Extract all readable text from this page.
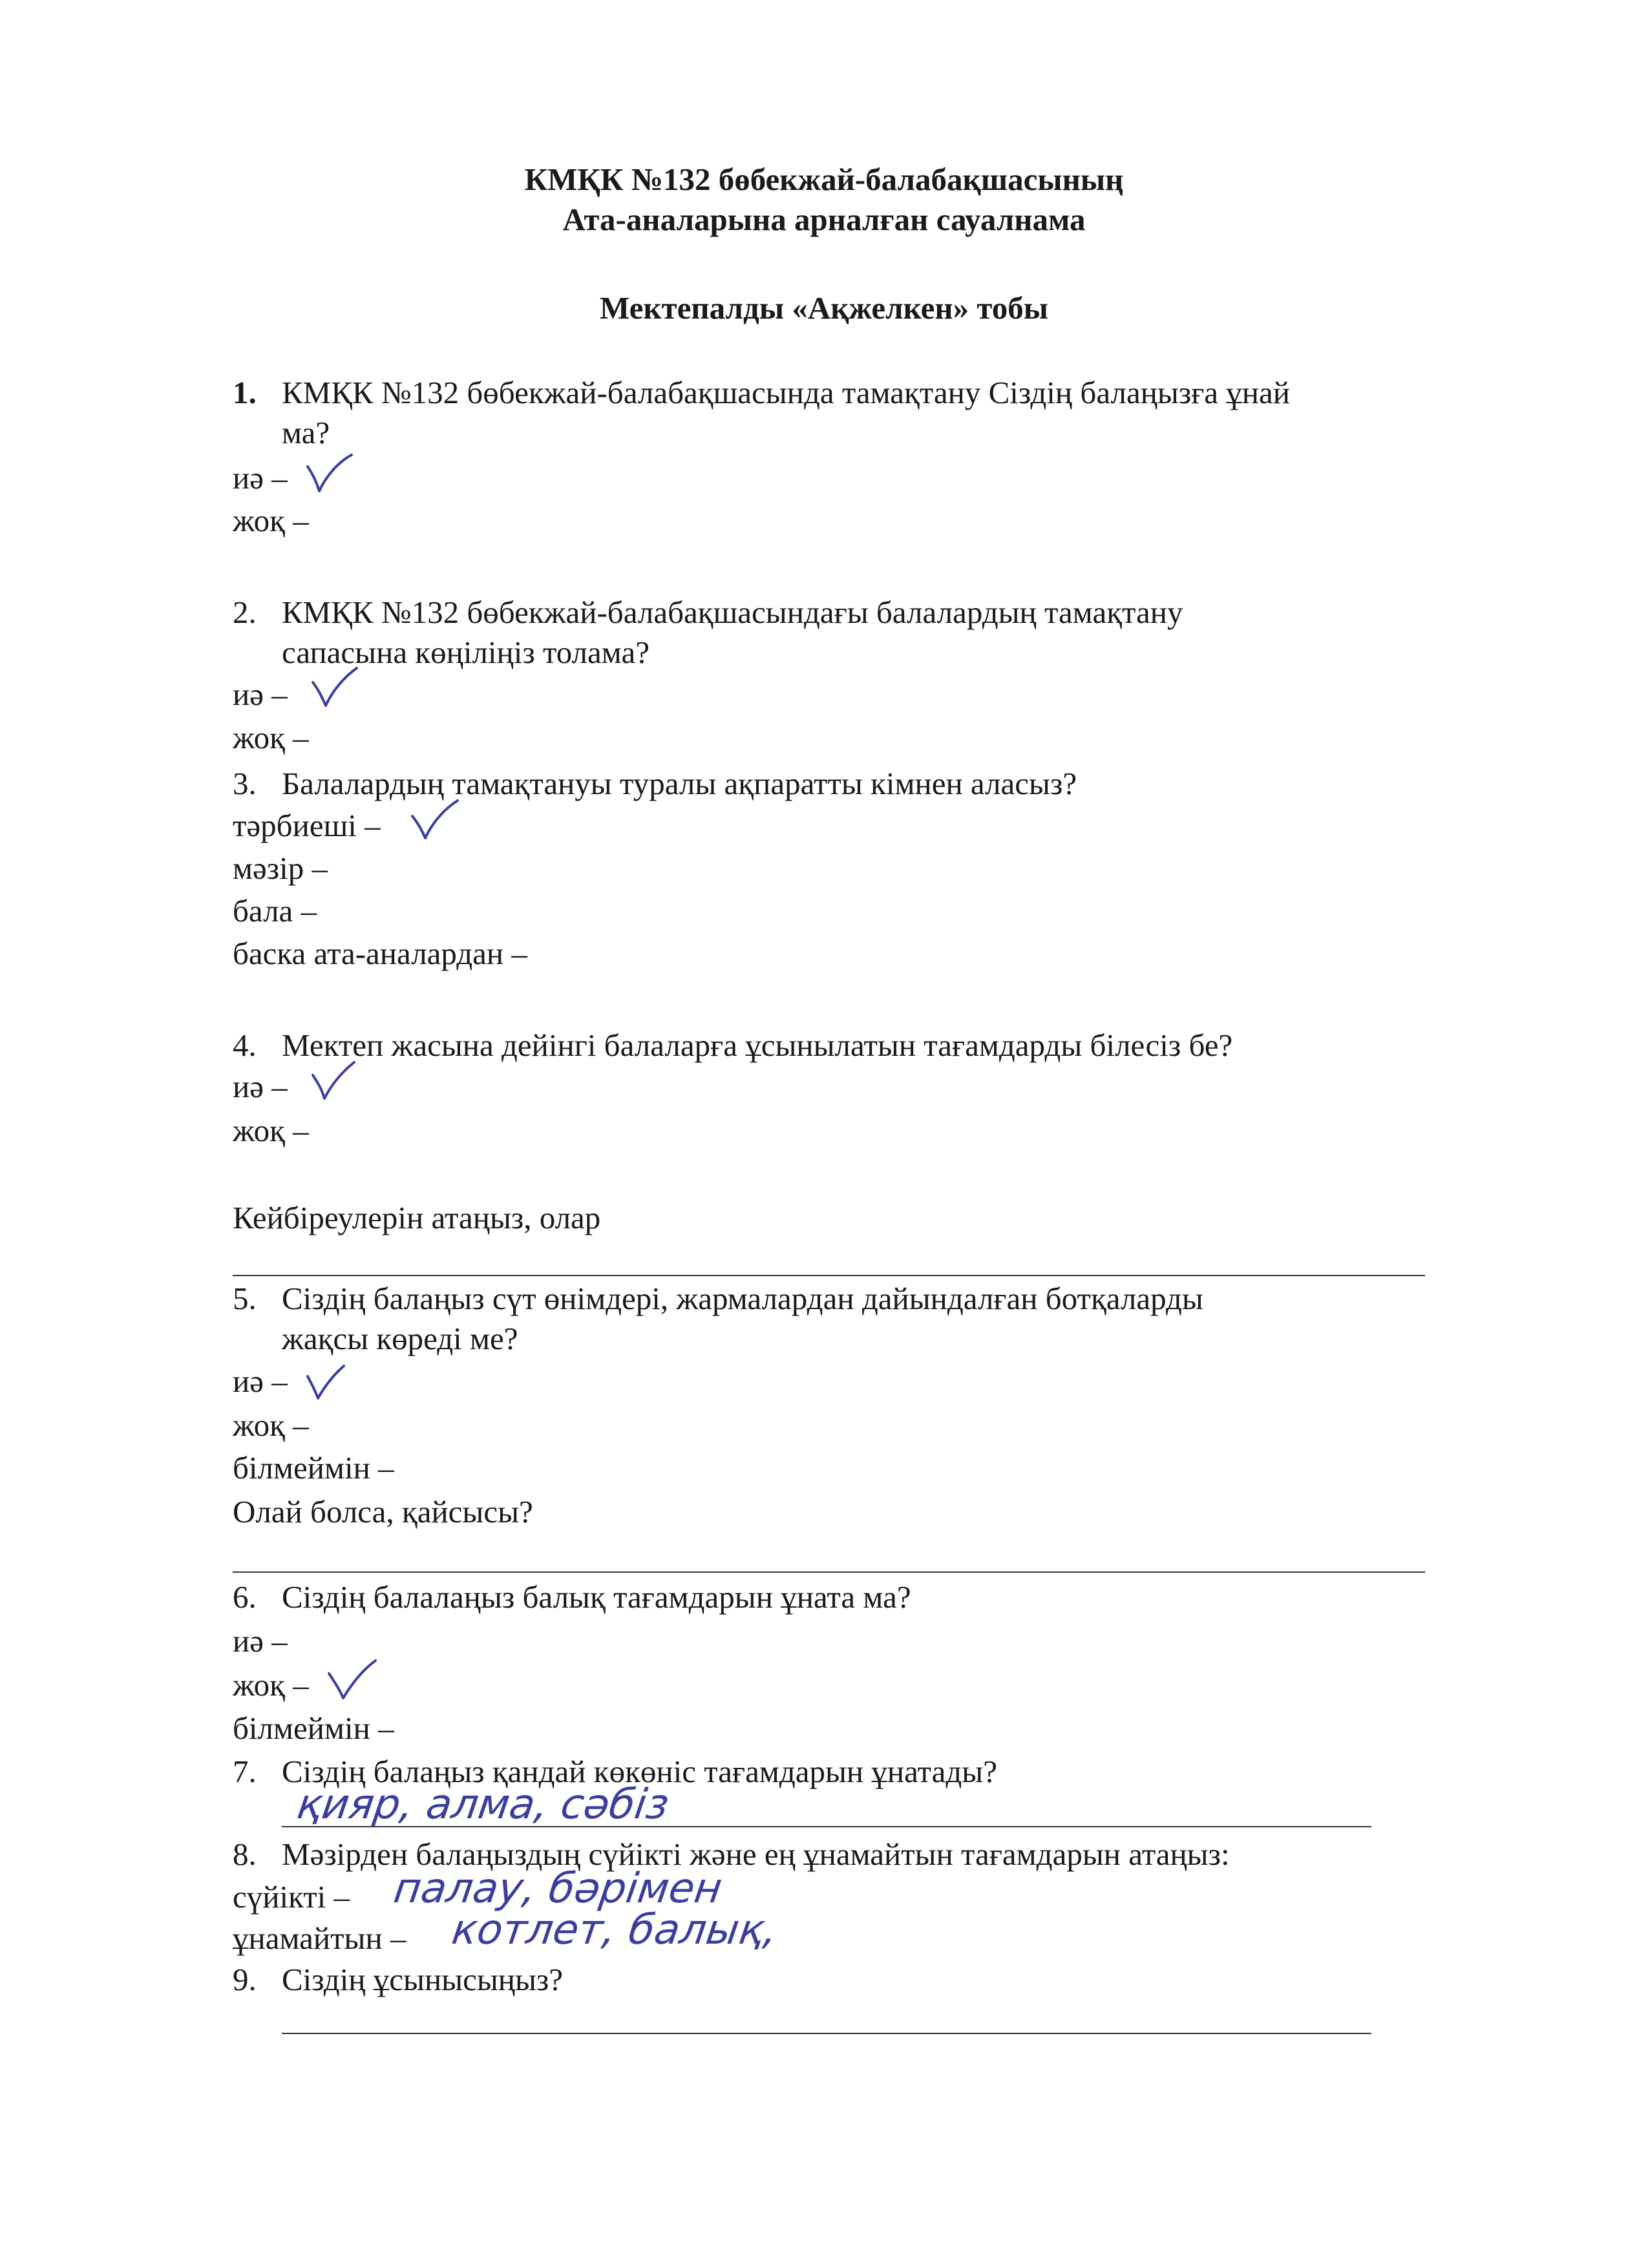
КМҚК №132 бөбекжай-балабақшасының
Ата-аналарына арналған сауалнама
Мектепалды «Ақжелкен» тобы
1. КМҚК №132 бөбекжай-балабақшасында тамақтану Сіздің балаңызға ұнай
ма?
иә –
жоқ –
2. КМҚК №132 бөбекжай-балабақшасындағы балалардың тамақтану
сапасына көңіліңіз толама?
иә –
жоқ –
3. Балалардың тамақтануы туралы ақпаратты кімнен аласыз?
тәрбиеші –
мәзір –
бала –
баска ата-аналардан –
4. Мектеп жасына дейінгі балаларға ұсынылатын тағамдарды білесіз бе?
иә –
жоқ –
Кейбіреулерін атаңыз, олар
5. Сіздің балаңыз сүт өнімдері, жармалардан дайындалған ботқаларды
жақсы көреді ме?
иә –
жоқ –
білмеймін –
Олай болса, қайсысы?
6. Сіздің балалаңыз балық тағамдарын ұната ма?
иә –
жоқ –
білмеймін –
7. Сіздің балаңыз қандай көкөніс тағамдарын ұнатады?
қияр, алма, сәбіз
8. Мәзірден балаңыздың сүйікті және ең ұнамайтын тағамдарын атаңыз:
сүйікті – палау, бәрімен
ұнамайтын – котлет, балық,
9. Сіздің ұсынысыңыз?
